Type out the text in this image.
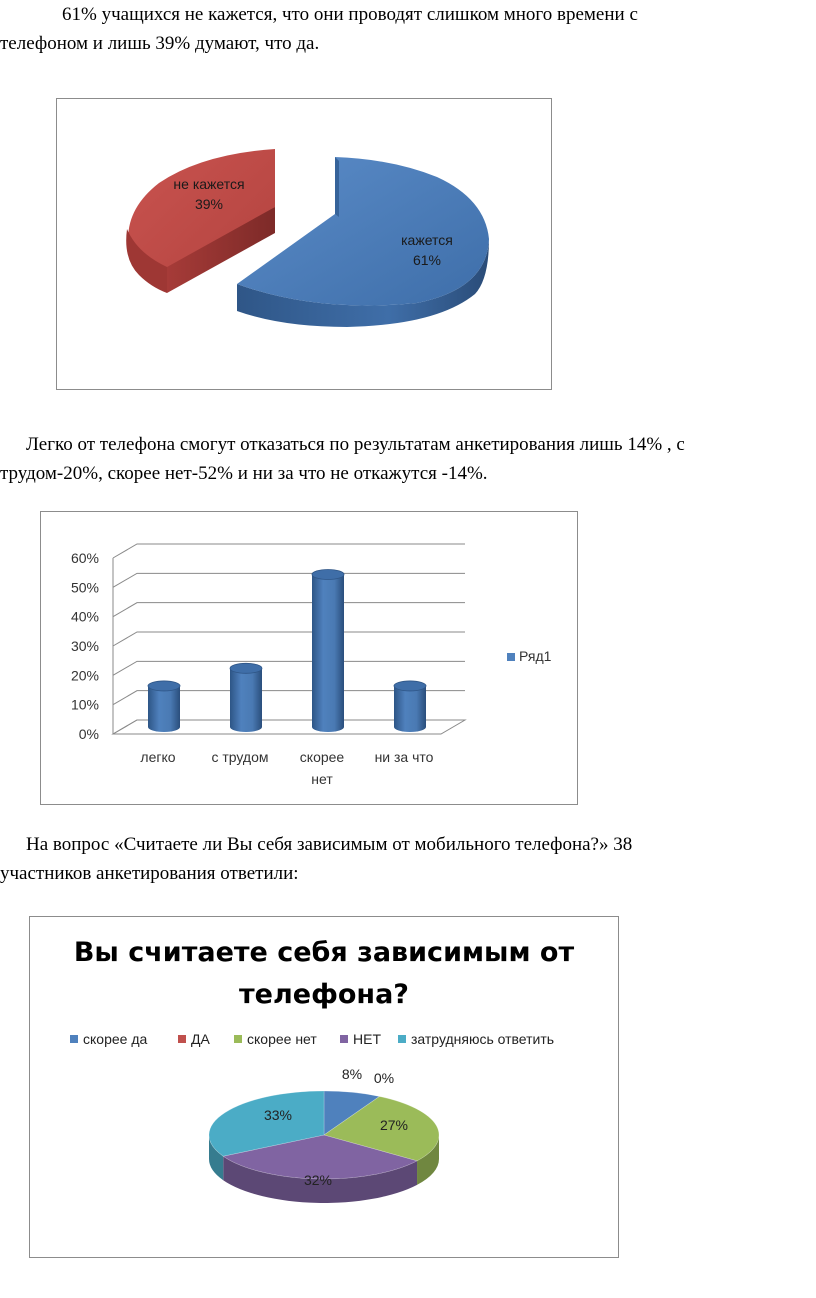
61% учащихся не кажется, что они проводят слишком много времени с
телефоном и лишь 39% думают, что да.

не кажется
39%
кажется
61%

Легко от телефона смогут отказаться по результатам анкетирования лишь 14% , с
трудом-20%, скорее нет-52% и ни за что не откажутся -14%.

0%
10%
20%
30%
40%
50%
60%
легко	с трудом скорее
нет
ни за что
Ряд1

На вопрос «Считаете ли Вы себя зависимым от мобильного телефона?» 38
участников анкетирования ответили:

Вы считаете себя зависимым от
телефона?
скорее да	ДА	скорее нет	НЕТ затрудняюсь ответить
8% 0%
27%
32%
33%
